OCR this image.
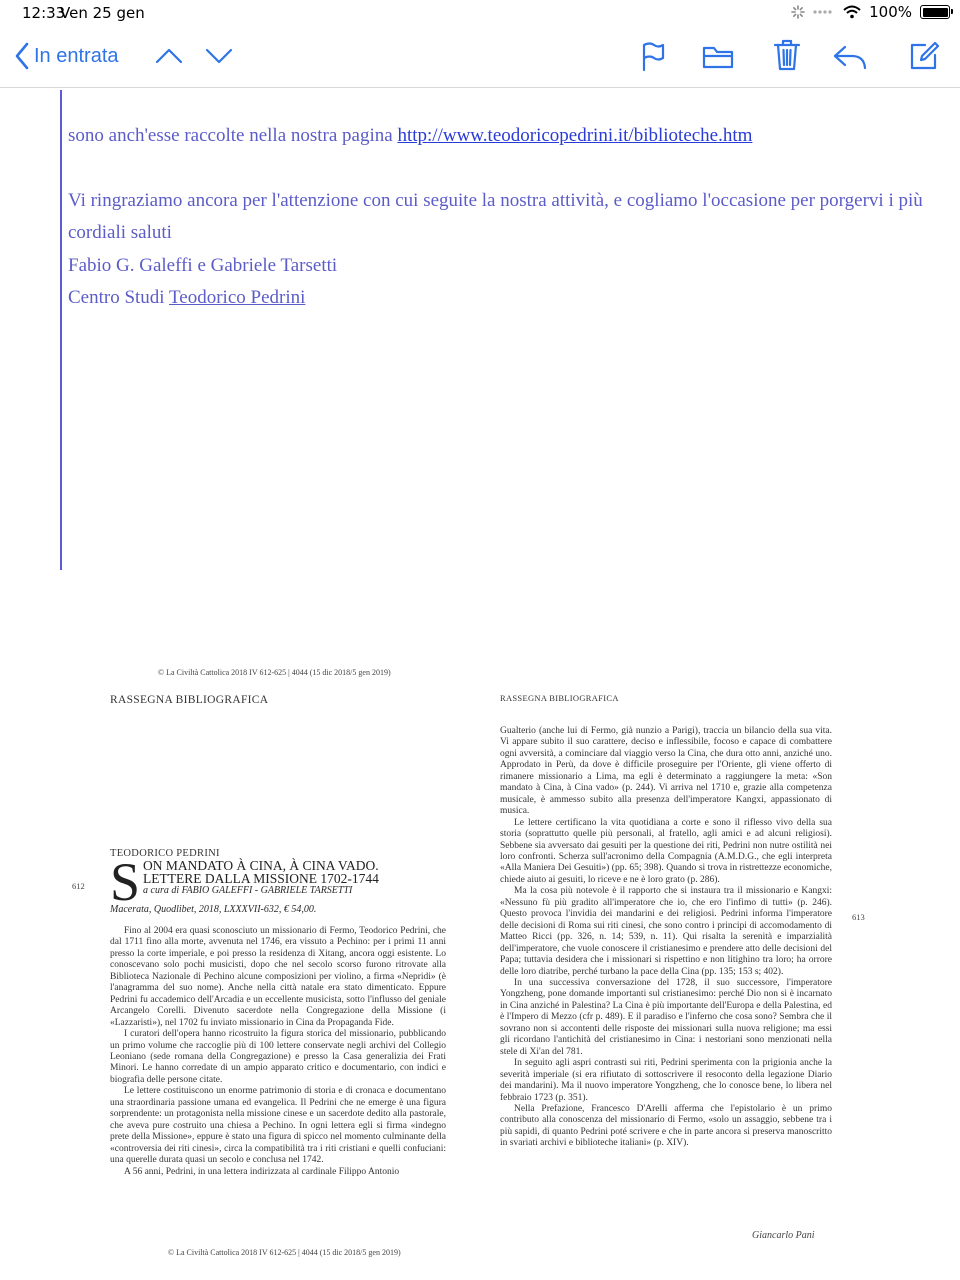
12:33
Ven 25 gen	100%
In entrata
sono anch'esse raccolte nella nostra pagina http://www.teodoricopedrini.it/biblioteche.htm
Vi ringraziamo ancora per l'attenzione con cui seguite la nostra attività, e cogliamo l'occasione per porgervi i più cordiali saluti
Fabio G. Galeffi e Gabriele Tarsetti
Centro Studi Teodorico Pedrini
© La Civiltà Cattolica 2018 IV 612-625 | 4044 (15 dic 2018/5 gen 2019)
RASSEGNA BIBLIOGRAFICA	RASSEGNA BIBLIOGRAFICA
612
613
TEODORICO PEDRINI
S ON MANDATO À CINA, À CINA VADO.
LETTERE DALLA MISSIONE 1702-1744
a cura di FABIO GALEFFI - GABRIELE TARSETTI
Macerata, Quodlibet, 2018, LXXXVII-632, € 54,00.

Fino al 2004 era quasi sconosciuto un missionario di Fermo, Teodorico Pedrini, che dal 1711 fino alla morte, avvenuta nel 1746, era vissuto a Pechino: per i primi 11 anni presso la corte imperiale, e poi presso la residenza di Xitang, ancora oggi esistente. Lo conoscevano solo pochi musicisti, dopo che nel secolo scorso furono ritrovate alla Biblioteca Nazionale di Pechino alcune composizioni per violino, a firma «Nepridi» (è l'anagramma del suo nome). Anche nella città natale era stato dimenticato. Eppure Pedrini fu accademico dell'Arcadia e un eccellente musicista, sotto l'influsso del geniale Arcangelo Corelli. Divenuto sacerdote nella Congregazione della Missione (i «Lazzaristi»), nel 1702 fu inviato missionario in Cina da Propaganda Fide.

I curatori dell'opera hanno ricostruito la figura storica del missionario, pubblicando un primo volume che raccoglie più di 100 lettere conservate negli archivi del Collegio Leoniano (sede romana della Congregazione) e presso la Casa generalizia dei Frati Minori. Le hanno corredate di un ampio apparato critico e documentario, con indici e biografia delle persone citate.

Le lettere costituiscono un enorme patrimonio di storia e di cronaca e documentano una straordinaria passione umana ed evangelica. Il Pedrini che ne emerge è una figura sorprendente: un protagonista nella missione cinese e un sacerdote dedito alla pastorale, che aveva pure costruito una chiesa a Pechino. In ogni lettera egli si firma «indegno prete della Missione», eppure è stato una figura di spicco nel momento culminante della «controversia dei riti cinesi», circa la compatibilità tra i riti cristiani e quelli confuciani: una querelle durata quasi un secolo e conclusa nel 1742.

A 56 anni, Pedrini, in una lettera indirizzata al cardinale Filippo Antonio

Gualterio (anche lui di Fermo, già nunzio a Parigi), traccia un bilancio della sua vita. Vi appare subito il suo carattere, deciso e inflessibile, focoso e capace di combattere ogni avversità, a cominciare dal viaggio verso la Cina, che dura otto anni, anziché uno. Approdato in Perù, da dove è difficile proseguire per l'Oriente, gli viene offerto di rimanere missionario a Lima, ma egli è determinato a raggiungere la meta: «Son mandato à Cina, à Cina vado» (p. 244). Vi arriva nel 1710 e, grazie alla competenza musicale, è ammesso subito alla presenza dell'imperatore Kangxi, appassionato di musica.

Le lettere certificano la vita quotidiana a corte e sono il riflesso vivo della sua storia (soprattutto quelle più personali, al fratello, agli amici e ad alcuni religiosi). Sebbene sia avversato dai gesuiti per la questione dei riti, Pedrini non nutre ostilità nei loro confronti. Scherza sull'acronimo della Compagnia (A.M.D.G., che egli interpreta «Alla Maniera Dei Gesuiti») (pp. 65; 398). Quando si trova in ristrettezze economiche, chiede aiuto ai gesuiti, lo riceve e ne è loro grato (p. 286).

Ma la cosa più notevole è il rapporto che si instaura tra il missionario e Kangxi: «Nessuno fù più gradito all'imperatore che io, che ero l'infimo di tutti» (p. 246). Questo provoca l'invidia dei mandarini e dei religiosi. Pedrini informa l'imperatore delle decisioni di Roma sui riti cinesi, che sono contro i principi di accomodamento di Matteo Ricci (pp. 326, n. 14; 539, n. 11). Qui risalta la serenità e imparzialità dell'imperatore, che vuole conoscere il cristianesimo e prendere atto delle decisioni del Papa; tuttavia desidera che i missionari si rispettino e non litighino tra loro; ha orrore delle loro diatribe, perché turbano la pace della Cina (pp. 135; 153 s; 402).

In una successiva conversazione del 1728, il suo successore, l'imperatore Yongzheng, pone domande importanti sul cristianesimo: perché Dio non si è incarnato in Cina anziché in Palestina? La Cina è più importante dell'Europa e della Palestina, ed è l'Impero di Mezzo (cfr p. 489). E il paradiso e l'inferno che cosa sono? Sembra che il sovrano non si accontenti delle risposte dei missionari sulla nuova religione; ma essi gli ricordano l'antichità del cristianesimo in Cina: i nestoriani sono menzionati nella stele di Xi'an del 781.

In seguito agli aspri contrasti sui riti, Pedrini sperimenta con la prigionia anche la severità imperiale (si era rifiutato di sottoscrivere il resoconto della legazione Diario dei mandarini). Ma il nuovo imperatore Yongzheng, che lo conosce bene, lo libera nel febbraio 1723 (p. 351).

Nella Prefazione, Francesco D'Arelli afferma che l'epistolario è un primo contributo alla conoscenza del missionario di Fermo, «solo un assaggio, sebbene tra i più sapidi, di quanto Pedrini poté scrivere e che in parte ancora si preserva manoscritto in svariati archivi e biblioteche italiani» (p. XIV).

Giancarlo Pani
© La Civiltà Cattolica 2018 IV 612-625 | 4044 (15 dic 2018/5 gen 2019)
